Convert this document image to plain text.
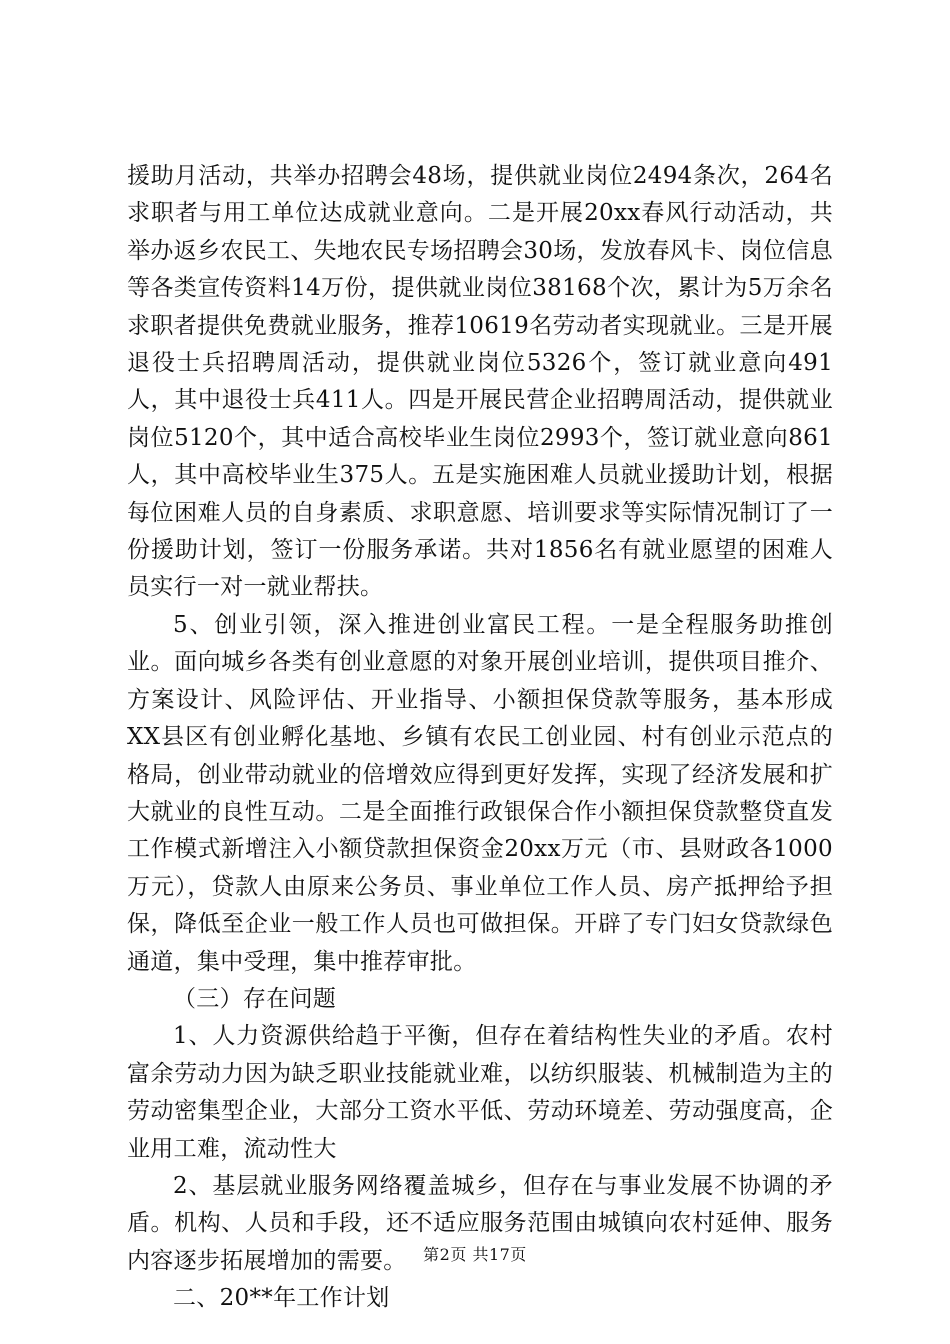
援助月活动，共举办招聘会48场，提供就业岗位2494条次，264名求职者与用工单位达成就业意向。二是开展20xx春风行动活动，共举办返乡农民工、失地农民专场招聘会30场，发放春风卡、岗位信息等各类宣传资料14万份，提供就业岗位38168个次，累计为5万余名求职者提供免费就业服务，推荐10619名劳动者实现就业。三是开展退役士兵招聘周活动，提供就业岗位5326个，签订就业意向491人，其中退役士兵411人。四是开展民营企业招聘周活动，提供就业岗位5120个，其中适合高校毕业生岗位2993个，签订就业意向861人，其中高校毕业生375人。五是实施困难人员就业援助计划，根据每位困难人员的自身素质、求职意愿、培训要求等实际情况制订了一份援助计划，签订一份服务承诺。共对1856名有就业愿望的困难人员实行一对一就业帮扶。

5、创业引领，深入推进创业富民工程。一是全程服务助推创业。面向城乡各类有创业意愿的对象开展创业培训，提供项目推介、方案设计、风险评估、开业指导、小额担保贷款等服务，基本形成XX县区有创业孵化基地、乡镇有农民工创业园、村有创业示范点的格局，创业带动就业的倍增效应得到更好发挥，实现了经济发展和扩大就业的良性互动。二是全面推行政银保合作小额担保贷款整贷直发工作模式新增注入小额贷款担保资金20xx万元（市、县财政各1000万元），贷款人由原来公务员、事业单位工作人员、房产抵押给予担保，降低至企业一般工作人员也可做担保。开辟了专门妇女贷款绿色通道，集中受理，集中推荐审批。

（三）存在问题

1、人力资源供给趋于平衡，但存在着结构性失业的矛盾。农村富余劳动力因为缺乏职业技能就业难，以纺织服装、机械制造为主的劳动密集型企业，大部分工资水平低、劳动环境差、劳动强度高，企业用工难，流动性大

2、基层就业服务网络覆盖城乡，但存在与事业发展不协调的矛盾。机构、人员和手段，还不适应服务范围由城镇向农村延伸、服务内容逐步拓展增加的需要。

二、20**年工作计划

第2页 共17页
